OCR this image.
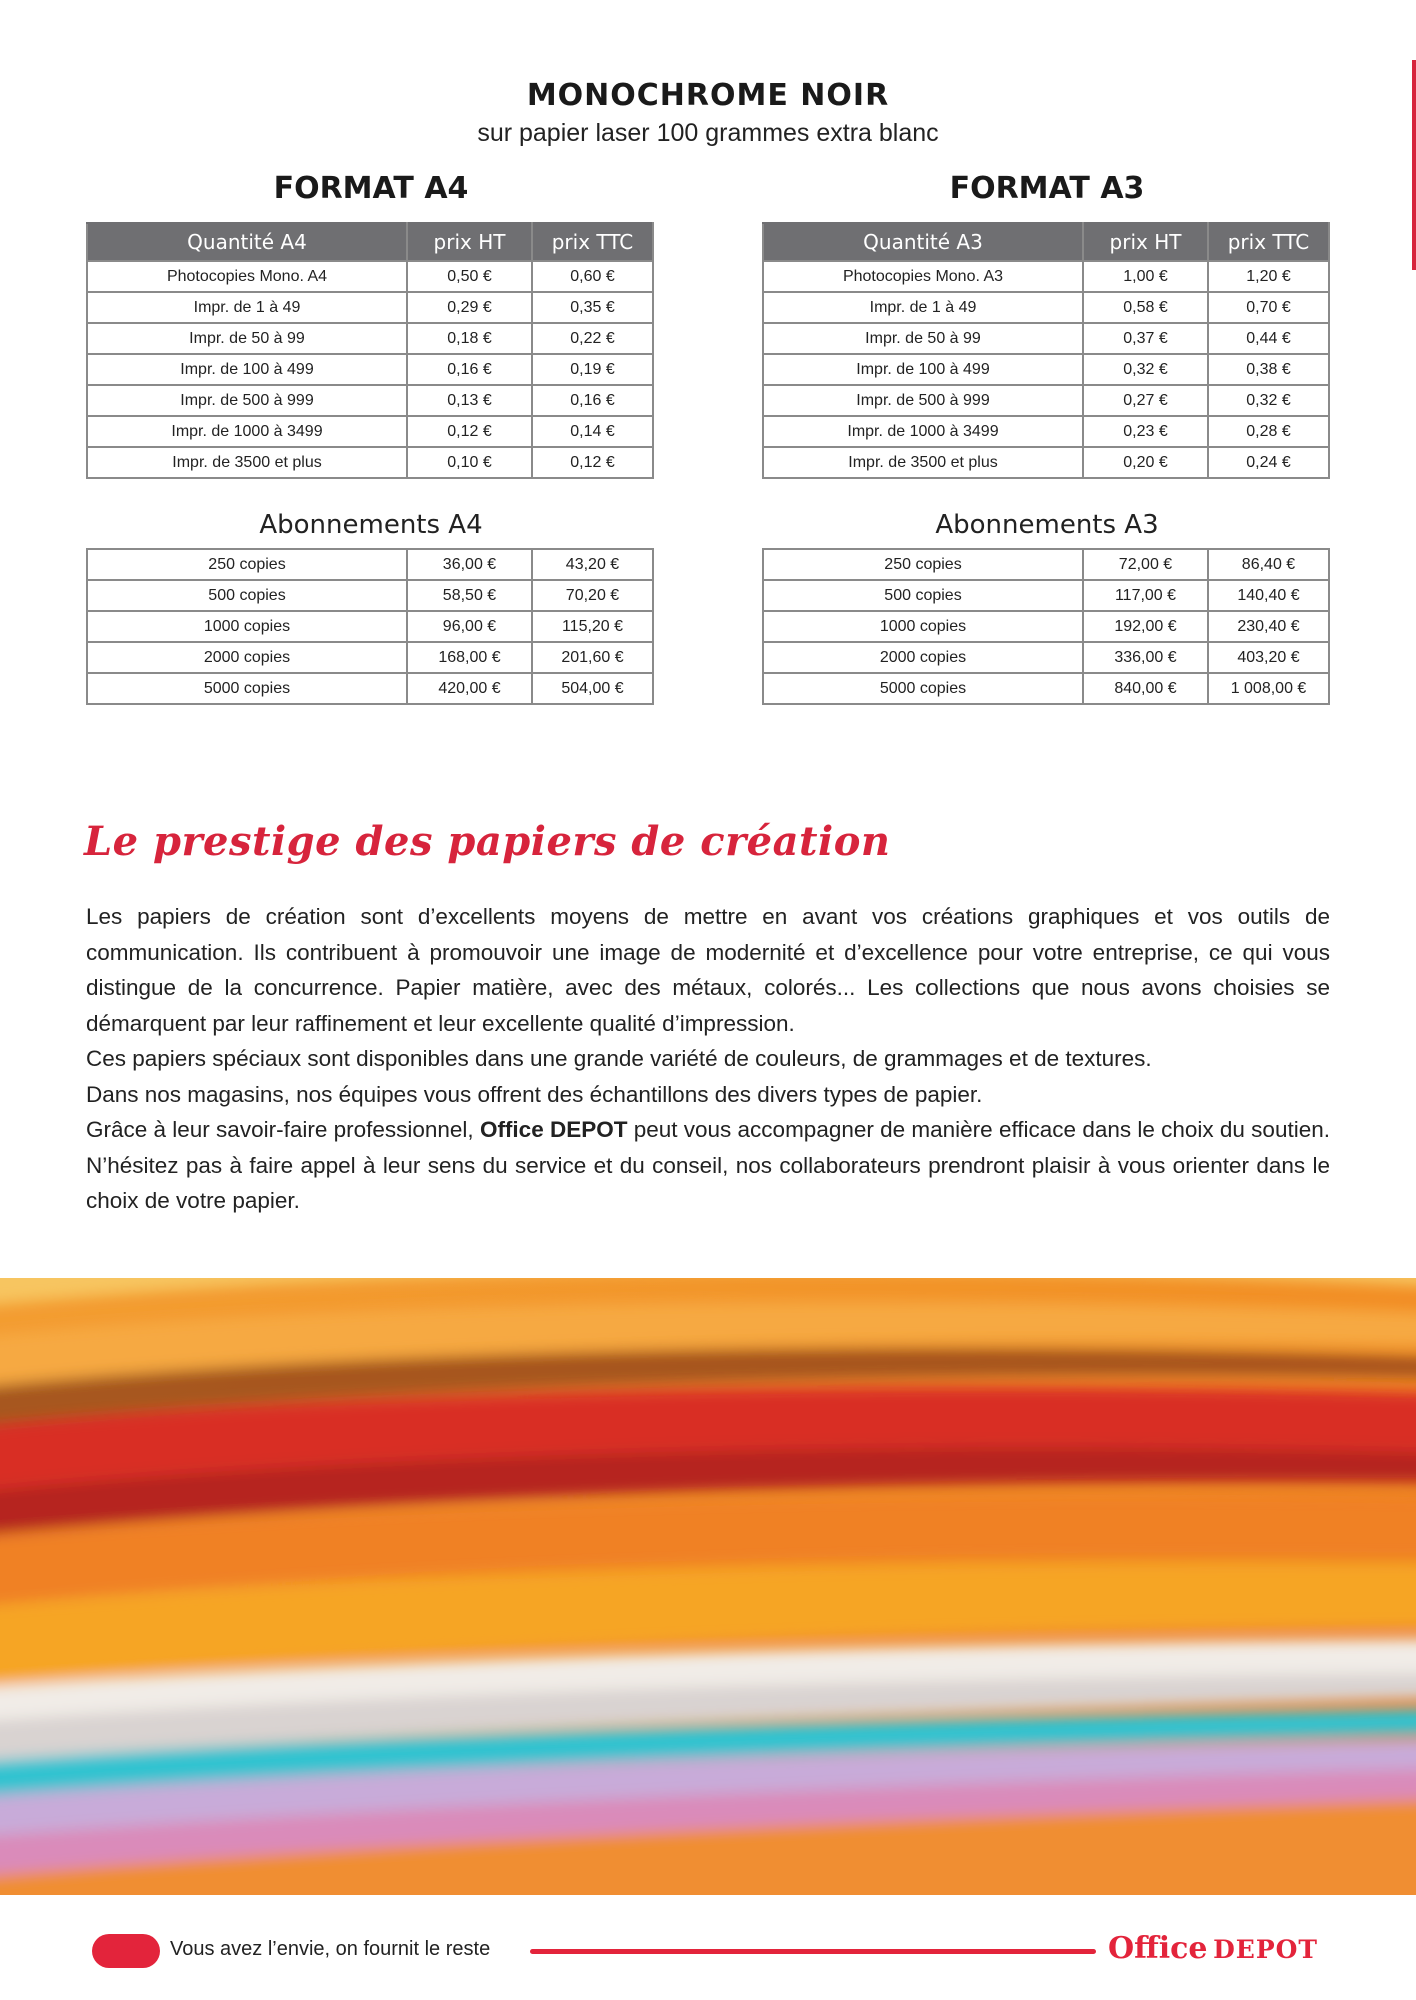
MONOCHROME NOIR
sur papier laser 100 grammes extra blanc
FORMAT A4	FORMAT A3
Quantité A4	prix HT	prix TTC
Photocopies Mono. A4	0,50 €	0,60 €
Impr. de 1 à 49	0,29 €	0,35 €
Impr. de 50 à 99	0,18 €	0,22 €
Impr. de 100 à 499	0,16 €	0,19 €
Impr. de 500 à 999	0,13 €	0,16 €
Impr. de 1000 à 3499	0,12 €	0,14 €
Impr. de 3500 et plus	0,10 €	0,12 €
Quantité A3	prix HT	prix TTC
Photocopies Mono. A3	1,00 €	1,20 €
Impr. de 1 à 49	0,58 €	0,70 €
Impr. de 50 à 99	0,37 €	0,44 €
Impr. de 100 à 499	0,32 €	0,38 €
Impr. de 500 à 999	0,27 €	0,32 €
Impr. de 1000 à 3499	0,23 €	0,28 €
Impr. de 3500 et plus	0,20 €	0,24 €
Abonnements A4	Abonnements A3
250 copies	36,00 €	43,20 €
500 copies	58,50 €	70,20 €
1000 copies	96,00 €	115,20 €
2000 copies	168,00 €	201,60 €
5000 copies	420,00 €	504,00 €
250 copies	72,00 €	86,40 €
500 copies	117,00 €	140,40 €
1000 copies	192,00 €	230,40 €
2000 copies	336,00 €	403,20 €
5000 copies	840,00 €	1 008,00 €
Le prestige des papiers de création

Les papiers de création sont d’excellents moyens de mettre en avant vos créations graphiques et vos outils de communication. Ils contribuent à promouvoir une image de modernité et d’excellence pour votre entreprise, ce qui vous distingue de la concurrence. Papier matière, avec des métaux, colorés... Les collections que nous avons choisies se démarquent par leur raffinement et leur excellente qualité d’impression.

Ces papiers spéciaux sont disponibles dans une grande variété de couleurs, de grammages et de textures.

Dans nos magasins, nos équipes vous offrent des échantillons des divers types de papier.

Grâce à leur savoir-faire professionnel, Office DEPOT peut vous accompagner de manière efficace dans le choix du soutien. N’hésitez pas à faire appel à leur sens du service et du conseil, nos collaborateurs prendront plaisir à vous orienter dans le choix de votre papier.

Vous avez l’envie, on fournit le reste	Office DEPOT
